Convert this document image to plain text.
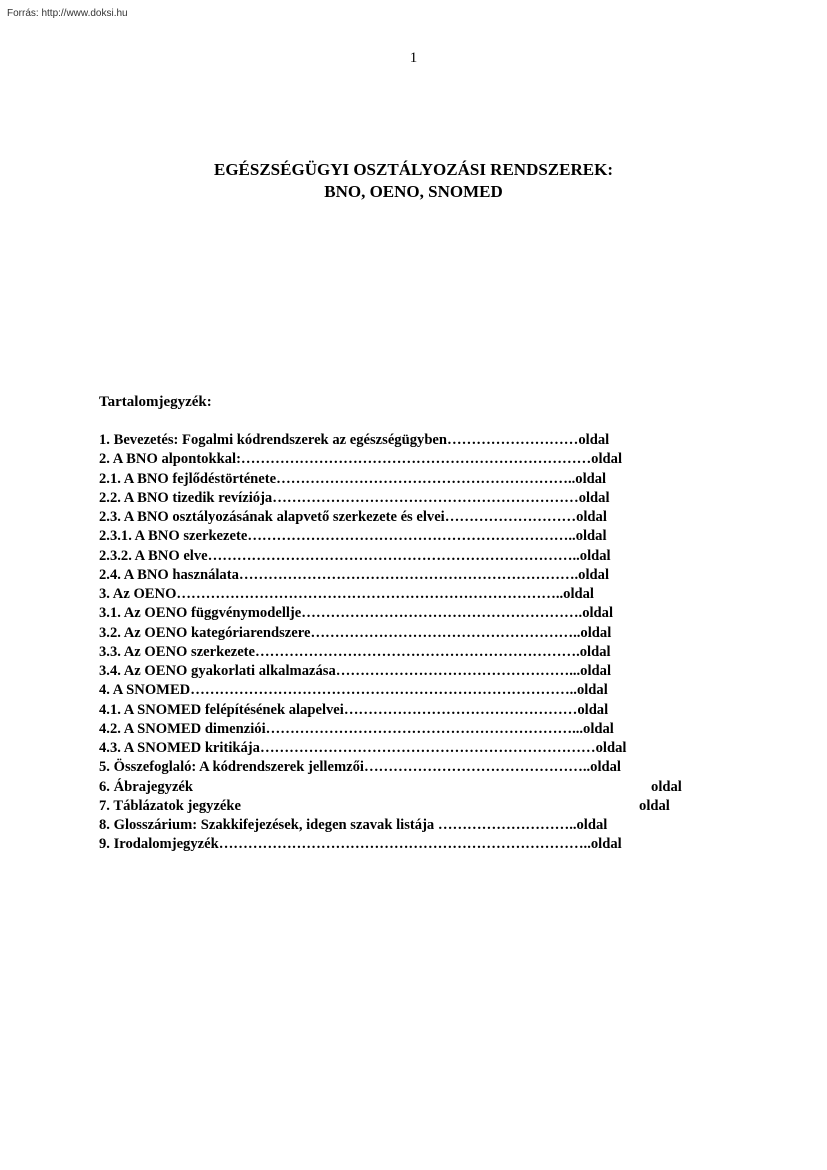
Forrás: http://www.doksi.hu
1
EGÉSZSÉGÜGYI OSZTÁLYOZÁSI RENDSZEREK:
BNO, OENO, SNOMED
Tartalomjegyzék:
1. Bevezetés: Fogalmi kódrendszerek az egészségügyben………………………oldal
2. A BNO alpontokkal:………………………………………………………………oldal
2.1. A BNO fejlődéstörténete……………………………………………………..oldal
2.2. A BNO tizedik revíziója………………………………………………………oldal
2.3. A BNO osztályozásának alapvető szerkezete és elvei………………………oldal
2.3.1. A BNO szerkezete…………………………………………………………..oldal
2.3.2. A BNO elve…………………………………………………………………..oldal
2.4. A BNO használata…………………………………………………………….oldal
3. Az OENO……………………………………………………………………..oldal
3.1. Az OENO függvénymodellje………………………………………………….oldal
3.2. Az OENO kategóriarendszere………………………………………………..oldal
3.3. Az OENO szerkezete………………………………………………………….oldal
3.4. Az OENO gyakorlati alkalmazása…………………………………………...oldal
4. A SNOMED……………………………………………………………………..oldal
4.1. A SNOMED felépítésének alapelvei…………………………………………oldal
4.2. A SNOMED dimenziói………………………………………………………...oldal
4.3. A SNOMED kritikája……………………………………………………………oldal
5. Összefoglaló: A kódrendszerek jellemzői………………………………………..oldal
6. Ábrajegyzék	oldal
7. Táblázatok jegyzéke	oldal
8. Glosszárium: Szakkifejezések, idegen szavak listája ………………………..oldal
9. Irodalomjegyzék…………………………………………………………………..oldal
